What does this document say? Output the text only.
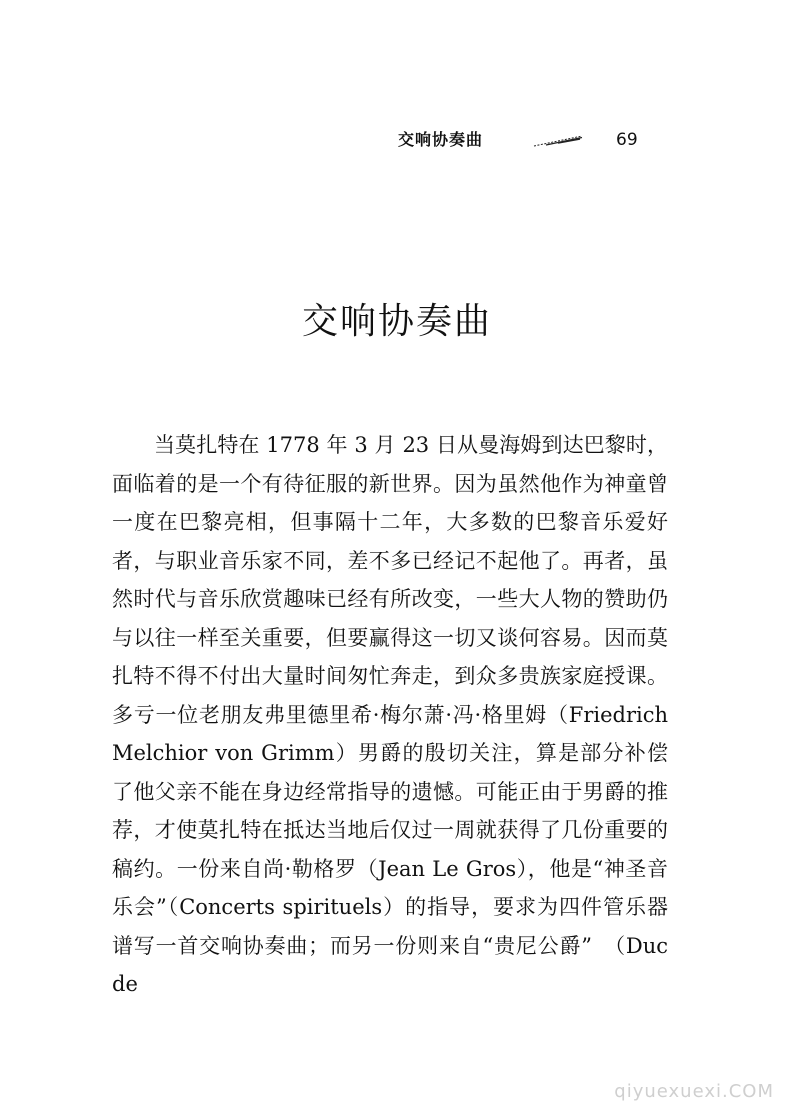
交响协奏曲	69
交响协奏曲
当莫扎特在 1778 年 3 月 23 日从曼海姆到达巴黎时，面临着的是一个有待征服的新世界。因为虽然他作为神童曾一度在巴黎亮相，但事隔十二年，大多数的巴黎音乐爱好者，与职业音乐家不同，差不多已经记不起他了。再者，虽然时代与音乐欣赏趣味已经有所改变，一些大人物的赞助仍与以往一样至关重要，但要赢得这一切又谈何容易。因而莫扎特不得不付出大量时间匆忙奔走，到众多贵族家庭授课。多亏一位老朋友弗里德里希·梅尔萧·冯·格里姆（Friedrich Melchior von Grimm）男爵的殷切关注，算是部分补偿了他父亲不能在身边经常指导的遗憾。可能正由于男爵的推荐，才使莫扎特在抵达当地后仅过一周就获得了几份重要的稿约。一份来自尚·勒格罗（Jean Le Gros），他是“神圣音乐会”（Concerts spirituels）的指导，要求为四件管乐器谱写一首交响协奏曲；而另一份则来自“贵尼公爵”　（Duc de
qiyuexuexi.COM
